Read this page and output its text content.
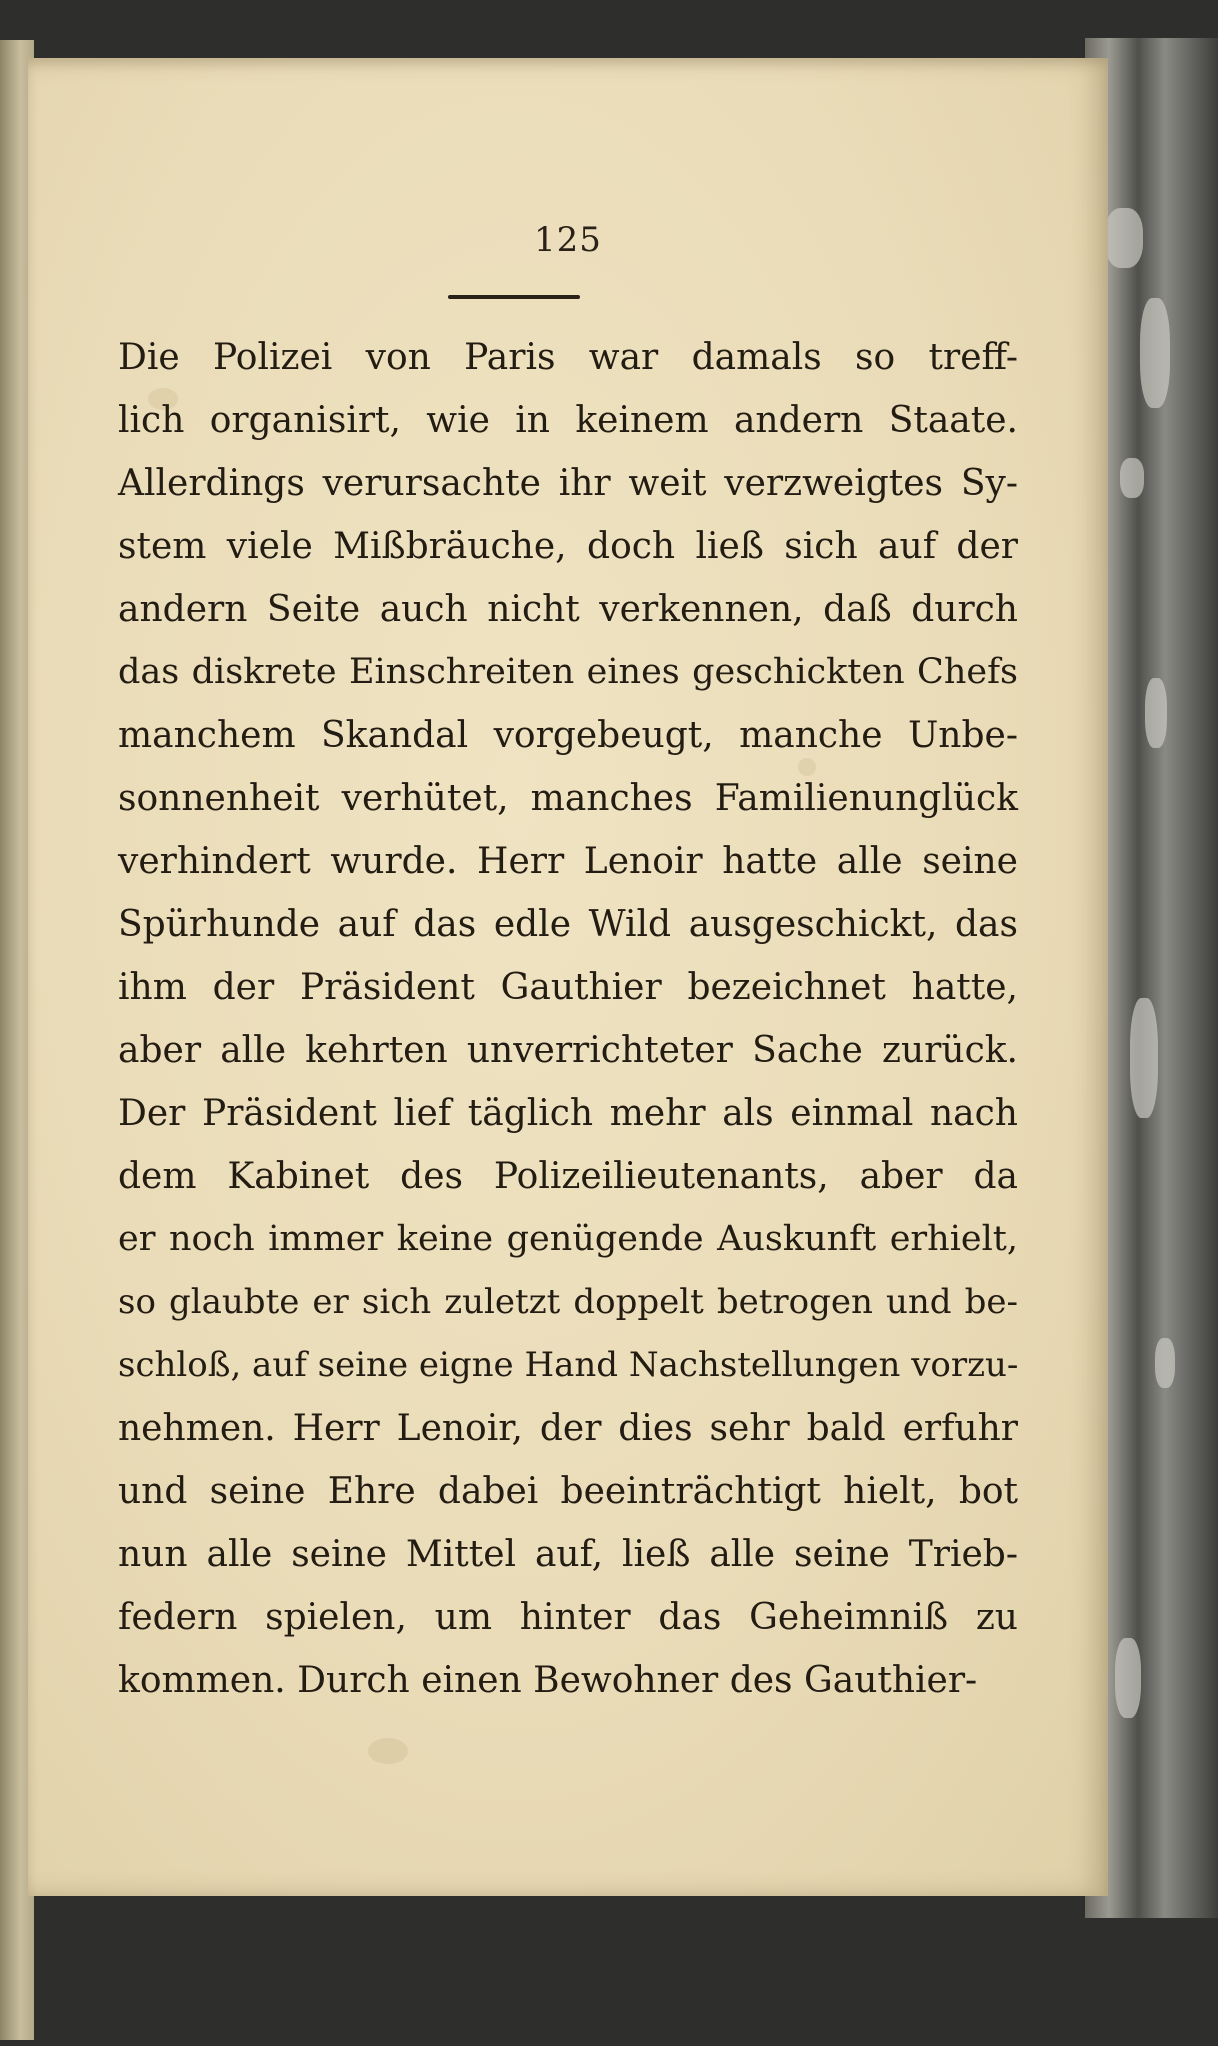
125
Die Polizei von Paris war damals so treff-
lich organisirt, wie in keinem andern Staate.
Allerdings verursachte ihr weit verzweigtes Sy-
stem viele Mißbräuche, doch ließ sich auf der
andern Seite auch nicht verkennen, daß durch
das diskrete Einschreiten eines geschickten Chefs
manchem Skandal vorgebeugt, manche Unbe-
sonnenheit verhütet, manches Familienunglück
verhindert wurde. Herr Lenoir hatte alle seine
Spürhunde auf das edle Wild ausgeschickt, das
ihm der Präsident Gauthier bezeichnet hatte,
aber alle kehrten unverrichteter Sache zurück.
Der Präsident lief täglich mehr als einmal nach
dem Kabinet des Polizeilieutenants, aber da
er noch immer keine genügende Auskunft erhielt,
so glaubte er sich zuletzt doppelt betrogen und be-
schloß, auf seine eigne Hand Nachstellungen vorzu-
nehmen. Herr Lenoir, der dies sehr bald erfuhr
und seine Ehre dabei beeinträchtigt hielt, bot
nun alle seine Mittel auf, ließ alle seine Trieb-
federn spielen, um hinter das Geheimniß zu
kommen. Durch einen Bewohner des Gauthier-
